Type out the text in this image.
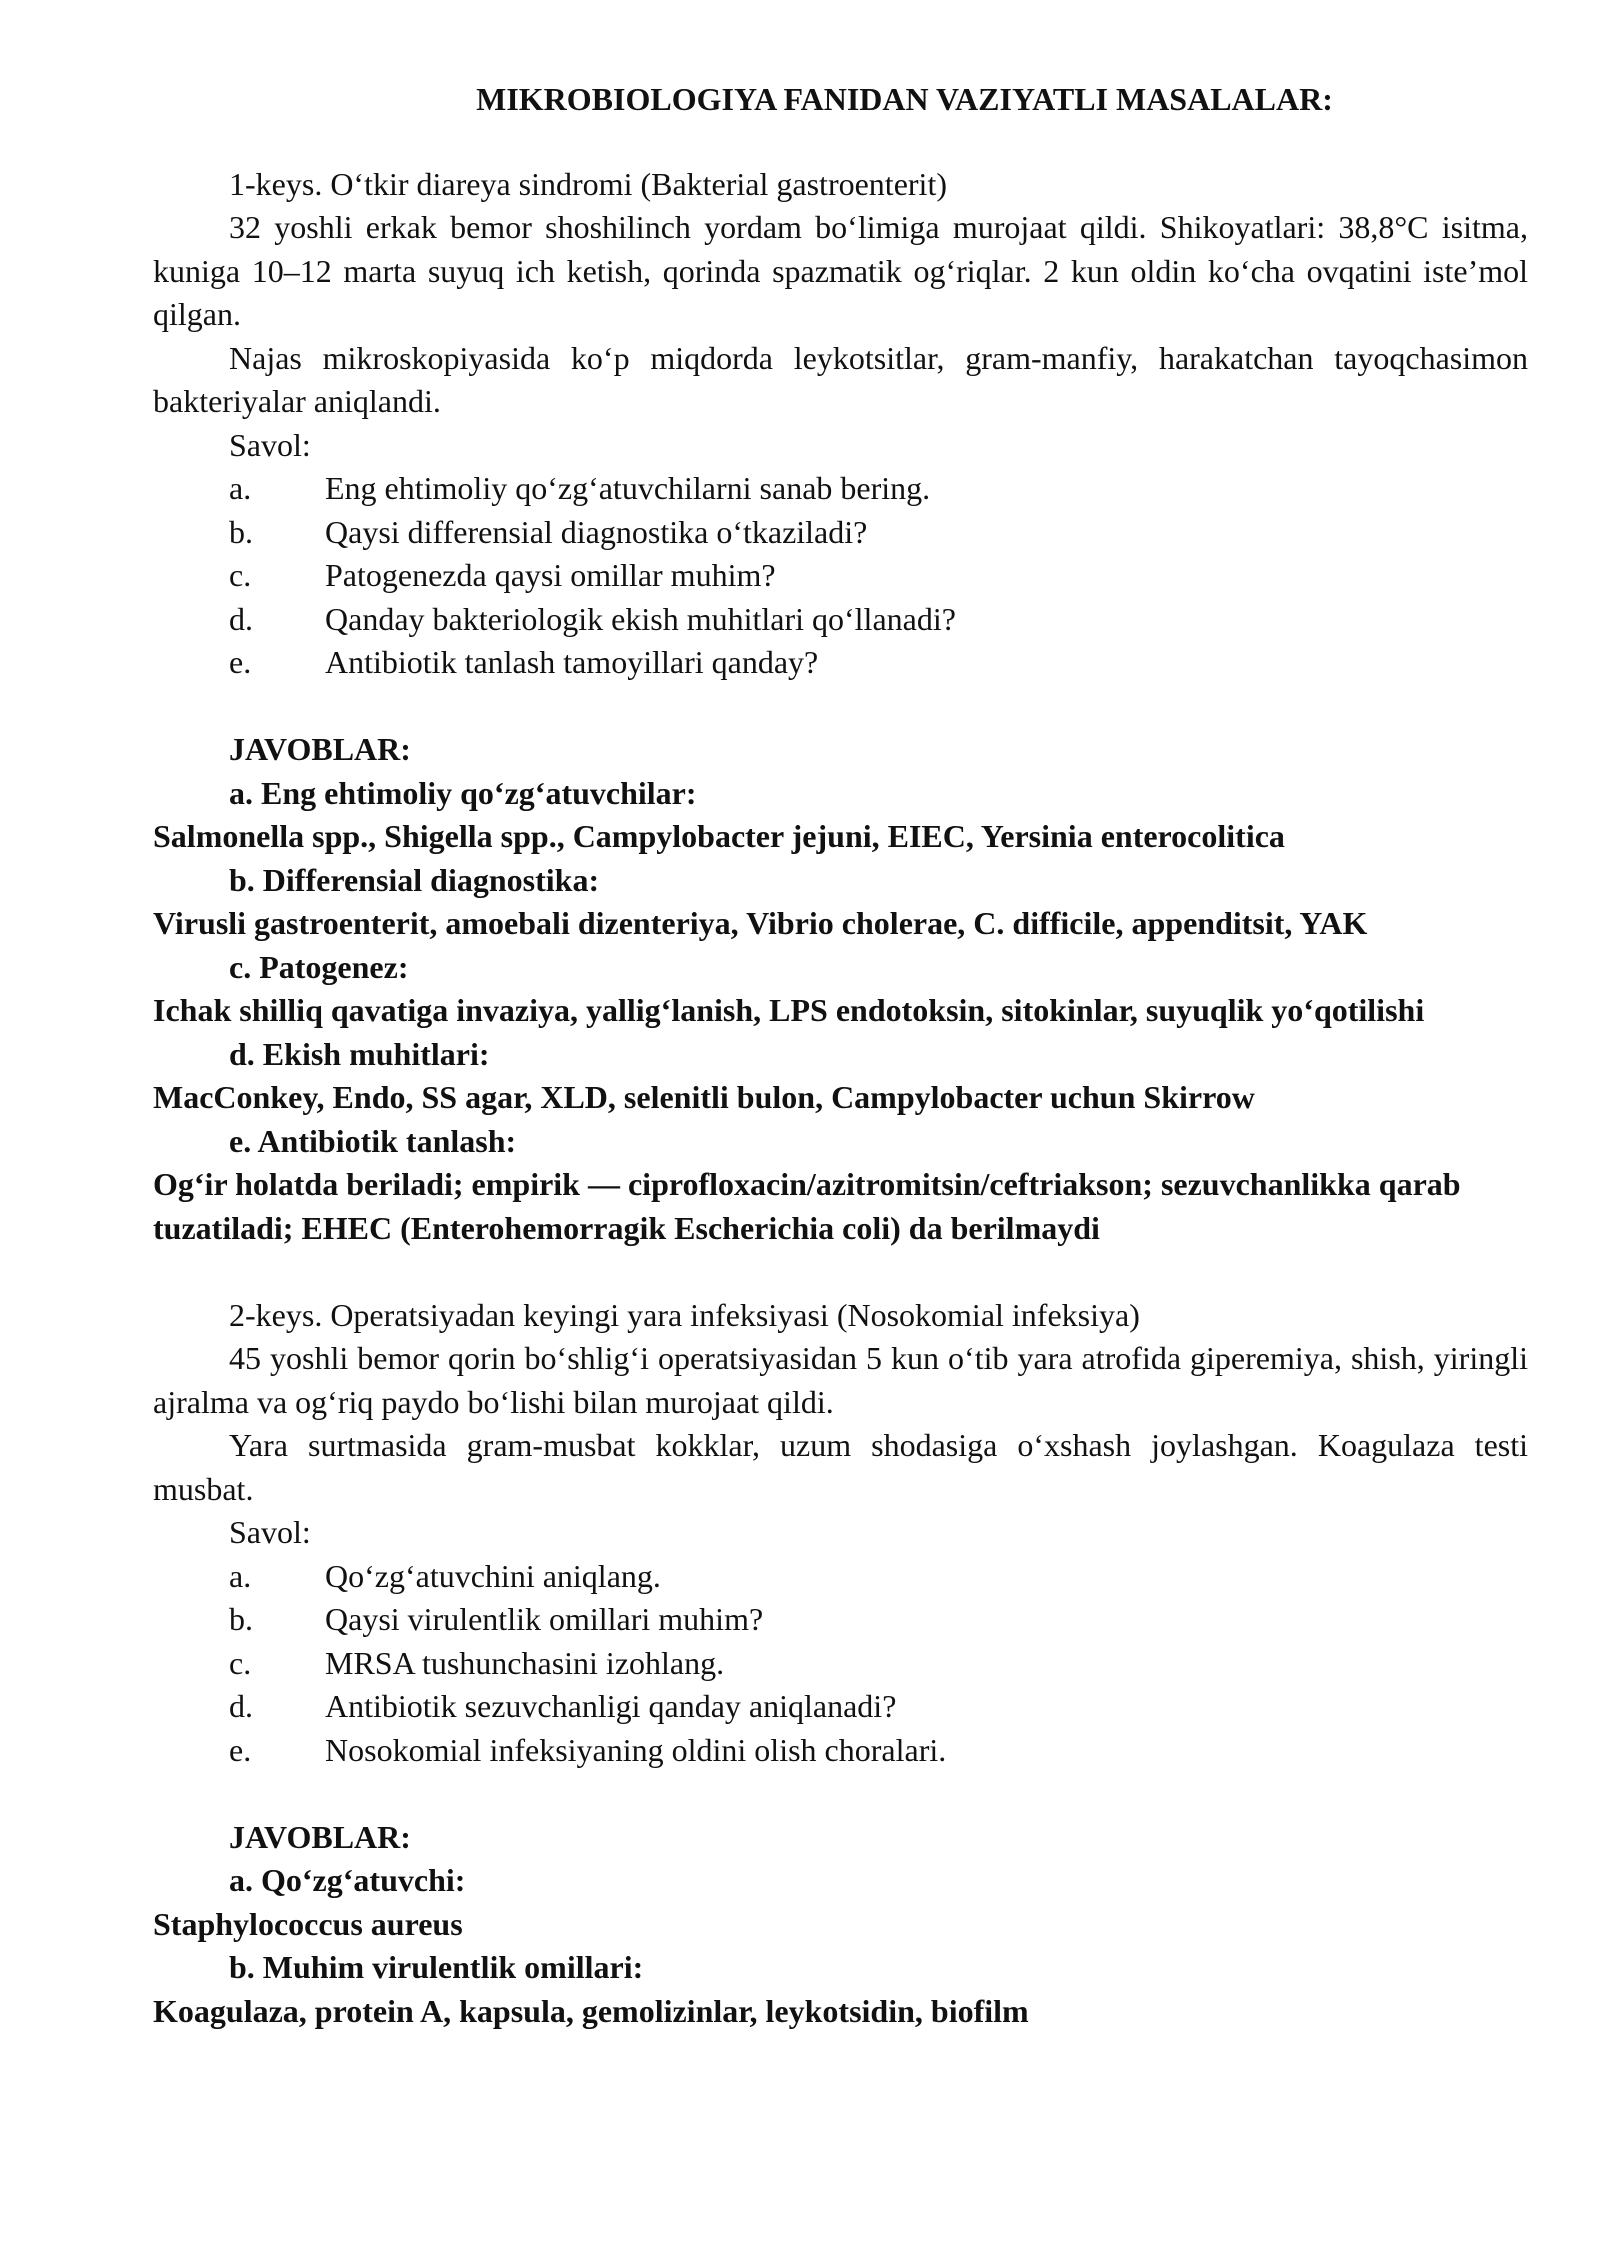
MIKROBIOLOGIYA FANIDAN VAZIYATLI MASALALAR:

1-keys. Oʻtkir diareya sindromi (Bakterial gastroenterit)

32 yoshli erkak bemor shoshilinch yordam boʻlimiga murojaat qildi. Shikoyatlari: 38,8°C isitma, kuniga 10–12 marta suyuq ich ketish, qorinda spazmatik ogʻriqlar. 2 kun oldin koʻcha ovqatini isteʼmol qilgan.

Najas mikroskopiyasida koʻp miqdorda leykotsitlar, gram-manfiy, harakatchan tayoqchasimon bakteriyalar aniqlandi.

Savol:

a.	Eng ehtimoliy qoʻzgʻatuvchilarni sanab bering.
b.	Qaysi differensial diagnostika oʻtkaziladi?
c.	Patogenezda qaysi omillar muhim?
d.	Qanday bakteriologik ekish muhitlari qoʻllanadi?
e.	Antibiotik tanlash tamoyillari qanday?

JAVOBLAR:

a. Eng ehtimoliy qoʻzgʻatuvchilar:

Salmonella spp., Shigella spp., Campylobacter jejuni, EIEC, Yersinia enterocolitica

b. Differensial diagnostika:

Virusli gastroenterit, amoebali dizenteriya, Vibrio cholerae, C. difficile, appenditsit, YAK

c. Patogenez:

Ichak shilliq qavatiga invaziya, yalligʻlanish, LPS endotoksin, sitokinlar, suyuqlik yoʻqotilishi

d. Ekish muhitlari:

MacConkey, Endo, SS agar, XLD, selenitli bulon, Campylobacter uchun Skirrow

e. Antibiotik tanlash:

Ogʻir holatda beriladi; empirik — ciprofloxacin/azitromitsin/ceftriakson; sezuvchanlikka qarab tuzatiladi; EHEC (Enterohemorragik Escherichia coli) da berilmaydi

2-keys. Operatsiyadan keyingi yara infeksiyasi (Nosokomial infeksiya)

45 yoshli bemor qorin boʻshligʻi operatsiyasidan 5 kun oʻtib yara atrofida giperemiya, shish, yiringli ajralma va ogʻriq paydo boʻlishi bilan murojaat qildi.

Yara surtmasida gram-musbat kokklar, uzum shodasiga oʻxshash joylashgan. Koagulaza testi musbat.

Savol:

a.	Qoʻzgʻatuvchini aniqlang.
b.	Qaysi virulentlik omillari muhim?
c.	MRSA tushunchasini izohlang.
d.	Antibiotik sezuvchanligi qanday aniqlanadi?
e.	Nosokomial infeksiyaning oldini olish choralari.

JAVOBLAR:

a. Qoʻzgʻatuvchi:

Staphylococcus aureus

b. Muhim virulentlik omillari:

Koagulaza, protein A, kapsula, gemolizinlar, leykotsidin, biofilm
